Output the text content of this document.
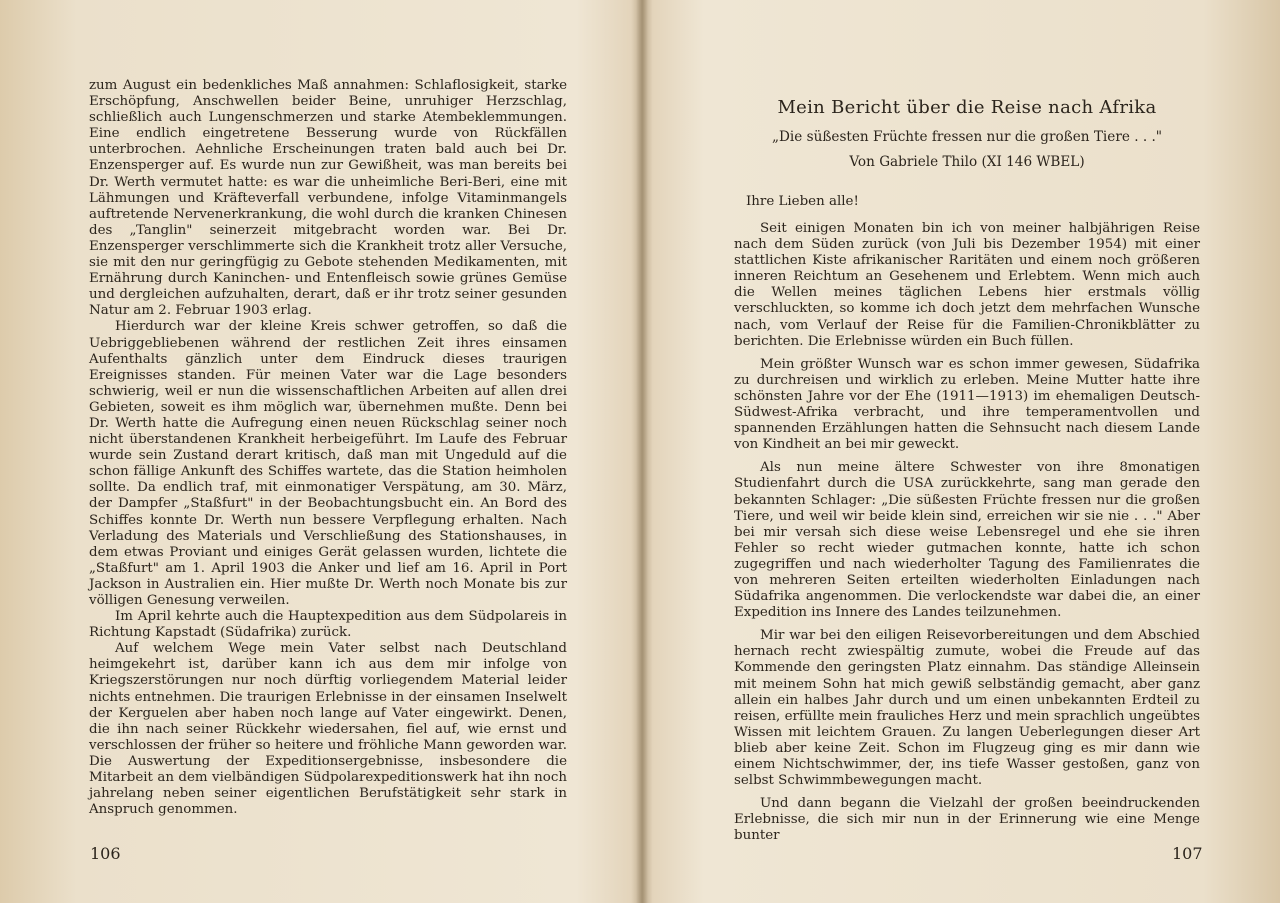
zum August ein bedenkliches Maß annahmen: Schlaflosigkeit, starke Erschöpfung, Anschwellen beider Beine, unruhiger Herzschlag, schließlich auch Lungenschmerzen und starke Atembeklemmungen. Eine endlich eingetretene Besserung wurde von Rückfällen unterbrochen. Aehnliche Erscheinungen traten bald auch bei Dr. Enzensperger auf. Es wurde nun zur Gewißheit, was man bereits bei Dr. Werth vermutet hatte: es war die unheimliche Beri-Beri, eine mit Lähmungen und Kräfteverfall verbundene, infolge Vitaminmangels auftretende Nervenerkrankung, die wohl durch die kranken Chinesen des „Tanglin" seinerzeit mitgebracht worden war. Bei Dr. Enzensperger verschlimmerte sich die Krankheit trotz aller Versuche, sie mit den nur geringfügig zu Gebote stehenden Medikamenten, mit Ernährung durch Kaninchen- und Entenfleisch sowie grünes Gemüse und dergleichen aufzuhalten, derart, daß er ihr trotz seiner gesunden Natur am 2. Februar 1903 erlag.

Hierdurch war der kleine Kreis schwer getroffen, so daß die Uebriggebliebenen während der restlichen Zeit ihres einsamen Aufenthalts gänzlich unter dem Eindruck dieses traurigen Ereignisses standen. Für meinen Vater war die Lage besonders schwierig, weil er nun die wissenschaftlichen Arbeiten auf allen drei Gebieten, soweit es ihm möglich war, übernehmen mußte. Denn bei Dr. Werth hatte die Aufregung einen neuen Rückschlag seiner noch nicht überstandenen Krankheit herbeigeführt. Im Laufe des Februar wurde sein Zustand derart kritisch, daß man mit Ungeduld auf die schon fällige Ankunft des Schiffes wartete, das die Station heimholen sollte. Da endlich traf, mit einmonatiger Verspätung, am 30. März, der Dampfer „Staßfurt" in der Beobachtungsbucht ein. An Bord des Schiffes konnte Dr. Werth nun bessere Verpflegung erhalten. Nach Verladung des Materials und Verschließung des Stationshauses, in dem etwas Proviant und einiges Gerät gelassen wurden, lichtete die „Staßfurt" am 1. April 1903 die Anker und lief am 16. April in Port Jackson in Australien ein. Hier mußte Dr. Werth noch Monate bis zur völligen Genesung verweilen.

Im April kehrte auch die Hauptexpedition aus dem Südpolareis in Richtung Kapstadt (Südafrika) zurück.

Auf welchem Wege mein Vater selbst nach Deutschland heimgekehrt ist, darüber kann ich aus dem mir infolge von Kriegszerstörungen nur noch dürftig vorliegendem Material leider nichts entnehmen. Die traurigen Erlebnisse in der einsamen Inselwelt der Kerguelen aber haben noch lange auf Vater eingewirkt. Denen, die ihn nach seiner Rückkehr wiedersahen, fiel auf, wie ernst und verschlossen der früher so heitere und fröhliche Mann geworden war. Die Auswertung der Expeditionsergebnisse, insbesondere die Mitarbeit an dem vielbändigen Südpolarexpeditionswerk hat ihn noch jahrelang neben seiner eigentlichen Berufstätigkeit sehr stark in Anspruch genommen.

106

Mein Bericht über die Reise nach Afrika

„Die süßesten Früchte fressen nur die großen Tiere . . ."

Von Gabriele Thilo (XI 146 WBEL)

Ihre Lieben alle!

Seit einigen Monaten bin ich von meiner halbjährigen Reise nach dem Süden zurück (von Juli bis Dezember 1954) mit einer stattlichen Kiste afrikanischer Raritäten und einem noch größeren inneren Reichtum an Gesehenem und Erlebtem. Wenn mich auch die Wellen meines täglichen Lebens hier erstmals völlig verschluckten, so komme ich doch jetzt dem mehrfachen Wunsche nach, vom Verlauf der Reise für die Familien-Chronikblätter zu berichten. Die Erlebnisse würden ein Buch füllen.

Mein größter Wunsch war es schon immer gewesen, Südafrika zu durchreisen und wirklich zu erleben. Meine Mutter hatte ihre schönsten Jahre vor der Ehe (1911—1913) im ehemaligen Deutsch-Südwest-Afrika verbracht, und ihre temperamentvollen und spannenden Erzählungen hatten die Sehnsucht nach diesem Lande von Kindheit an bei mir geweckt.

Als nun meine ältere Schwester von ihre 8monatigen Studienfahrt durch die USA zurückkehrte, sang man gerade den bekannten Schlager: „Die süßesten Früchte fressen nur die großen Tiere, und weil wir beide klein sind, erreichen wir sie nie . . ." Aber bei mir versah sich diese weise Lebensregel und ehe sie ihren Fehler so recht wieder gutmachen konnte, hatte ich schon zugegriffen und nach wiederholter Tagung des Familienrates die von mehreren Seiten erteilten wiederholten Einladungen nach Südafrika angenommen. Die verlockendste war dabei die, an einer Expedition ins Innere des Landes teilzunehmen.

Mir war bei den eiligen Reisevorbereitungen und dem Abschied hernach recht zwiespältig zumute, wobei die Freude auf das Kommende den geringsten Platz einnahm. Das ständige Alleinsein mit meinem Sohn hat mich gewiß selbständig gemacht, aber ganz allein ein halbes Jahr durch und um einen unbekannten Erdteil zu reisen, erfüllte mein frauliches Herz und mein sprachlich ungeübtes Wissen mit leichtem Grauen. Zu langen Ueberlegungen dieser Art blieb aber keine Zeit. Schon im Flugzeug ging es mir dann wie einem Nichtschwimmer, der, ins tiefe Wasser gestoßen, ganz von selbst Schwimmbewegungen macht.

Und dann begann die Vielzahl der großen beeindruckenden Erlebnisse, die sich mir nun in der Erinnerung wie eine Menge bunter

107
